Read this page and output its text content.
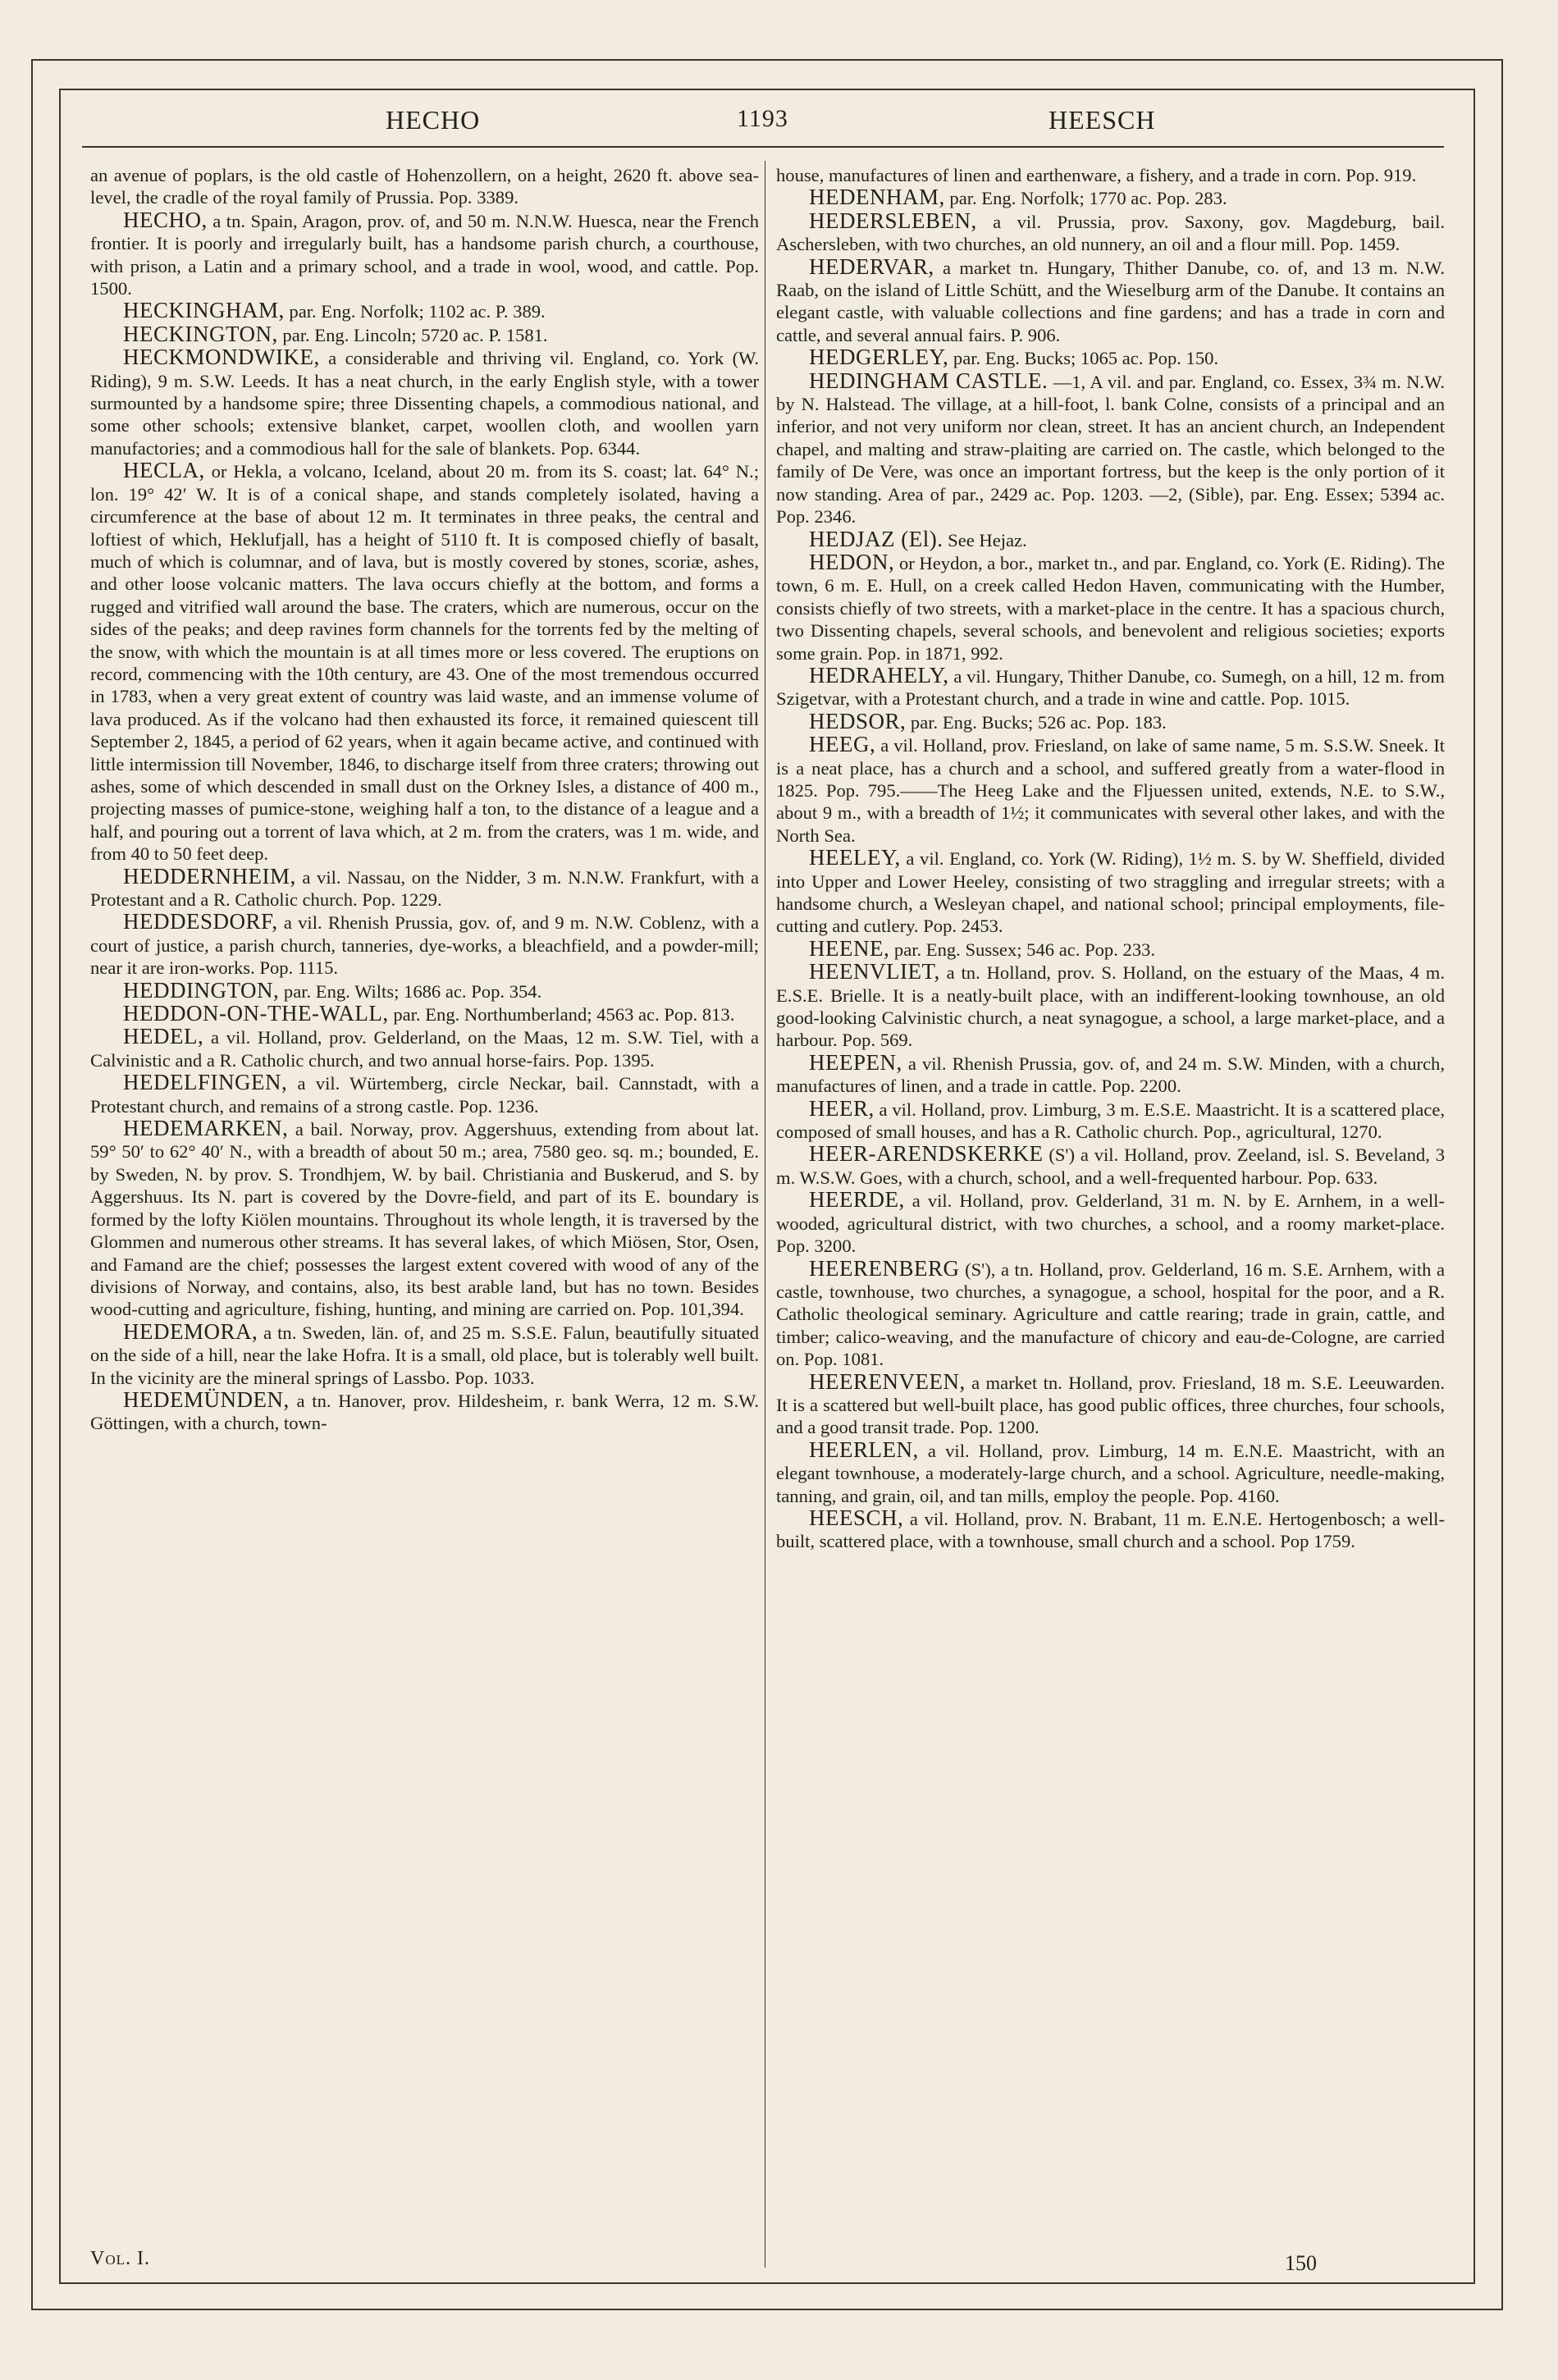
HECHO	1193	HEESCH

an avenue of poplars, is the old castle of Hohenzollern, on a height, 2620 ft. above sea-level, the cradle of the royal family of Prussia. Pop. 3389.

HECHO, a tn. Spain, Aragon, prov. of, and 50 m. N.N.W. Huesca, near the French frontier. It is poorly and irregularly built, has a handsome parish church, a courthouse, with prison, a Latin and a primary school, and a trade in wool, wood, and cattle. Pop. 1500.

HECKINGHAM, par. Eng. Norfolk; 1102 ac. P. 389.

HECKINGTON, par. Eng. Lincoln; 5720 ac. P. 1581.

HECKMONDWIKE, a considerable and thriving vil. England, co. York (W. Riding), 9 m. S.W. Leeds. It has a neat church, in the early English style, with a tower surmounted by a handsome spire; three Dissenting chapels, a commodious national, and some other schools; extensive blanket, carpet, woollen cloth, and woollen yarn manufactories; and a commodious hall for the sale of blankets. Pop. 6344.

HECLA, or Hekla, a volcano, Iceland, about 20 m. from its S. coast; lat. 64° N.; lon. 19° 42′ W. It is of a conical shape, and stands completely isolated, having a circumference at the base of about 12 m. It terminates in three peaks, the central and loftiest of which, Heklufjall, has a height of 5110 ft. It is composed chiefly of basalt, much of which is columnar, and of lava, but is mostly covered by stones, scoriæ, ashes, and other loose volcanic matters. The lava occurs chiefly at the bottom, and forms a rugged and vitrified wall around the base. The craters, which are numerous, occur on the sides of the peaks; and deep ravines form channels for the torrents fed by the melting of the snow, with which the mountain is at all times more or less covered. The eruptions on record, commencing with the 10th century, are 43. One of the most tremendous occurred in 1783, when a very great extent of country was laid waste, and an immense volume of lava produced. As if the volcano had then exhausted its force, it remained quiescent till September 2, 1845, a period of 62 years, when it again became active, and continued with little intermission till November, 1846, to discharge itself from three craters; throwing out ashes, some of which descended in small dust on the Orkney Isles, a distance of 400 m., projecting masses of pumice-stone, weighing half a ton, to the distance of a league and a half, and pouring out a torrent of lava which, at 2 m. from the craters, was 1 m. wide, and from 40 to 50 feet deep.

HEDDERNHEIM, a vil. Nassau, on the Nidder, 3 m. N.N.W. Frankfurt, with a Protestant and a R. Catholic church. Pop. 1229.

HEDDESDORF, a vil. Rhenish Prussia, gov. of, and 9 m. N.W. Coblenz, with a court of justice, a parish church, tanneries, dye-works, a bleachfield, and a powder-mill; near it are iron-works. Pop. 1115.

HEDDINGTON, par. Eng. Wilts; 1686 ac. Pop. 354.

HEDDON-ON-THE-WALL, par. Eng. Northumberland; 4563 ac. Pop. 813.

HEDEL, a vil. Holland, prov. Gelderland, on the Maas, 12 m. S.W. Tiel, with a Calvinistic and a R. Catholic church, and two annual horse-fairs. Pop. 1395.

HEDELFINGEN, a vil. Würtemberg, circle Neckar, bail. Cannstadt, with a Protestant church, and remains of a strong castle. Pop. 1236.

HEDEMARKEN, a bail. Norway, prov. Aggershuus, extending from about lat. 59° 50′ to 62° 40′ N., with a breadth of about 50 m.; area, 7580 geo. sq. m.; bounded, E. by Sweden, N. by prov. S. Trondhjem, W. by bail. Christiania and Buskerud, and S. by Aggershuus. Its N. part is covered by the Dovre-field, and part of its E. boundary is formed by the lofty Kiölen mountains. Throughout its whole length, it is traversed by the Glommen and numerous other streams. It has several lakes, of which Miösen, Stor, Osen, and Famand are the chief; possesses the largest extent covered with wood of any of the divisions of Norway, and contains, also, its best arable land, but has no town. Besides wood-cutting and agriculture, fishing, hunting, and mining are carried on. Pop. 101,394.

HEDEMORA, a tn. Sweden, län. of, and 25 m. S.S.E. Falun, beautifully situated on the side of a hill, near the lake Hofra. It is a small, old place, but is tolerably well built. In the vicinity are the mineral springs of Lassbo. Pop. 1033.

HEDEMÜNDEN, a tn. Hanover, prov. Hildesheim, r. bank Werra, 12 m. S.W. Göttingen, with a church, town-

house, manufactures of linen and earthenware, a fishery, and a trade in corn. Pop. 919.

HEDENHAM, par. Eng. Norfolk; 1770 ac. Pop. 283.

HEDERSLEBEN, a vil. Prussia, prov. Saxony, gov. Magdeburg, bail. Aschersleben, with two churches, an old nunnery, an oil and a flour mill. Pop. 1459.

HEDERVAR, a market tn. Hungary, Thither Danube, co. of, and 13 m. N.W. Raab, on the island of Little Schütt, and the Wieselburg arm of the Danube. It contains an elegant castle, with valuable collections and fine gardens; and has a trade in corn and cattle, and several annual fairs. P. 906.

HEDGERLEY, par. Eng. Bucks; 1065 ac. Pop. 150.

HEDINGHAM CASTLE. —1, A vil. and par. England, co. Essex, 3¾ m. N.W. by N. Halstead. The village, at a hill-foot, l. bank Colne, consists of a principal and an inferior, and not very uniform nor clean, street. It has an ancient church, an Independent chapel, and malting and straw-plaiting are carried on. The castle, which belonged to the family of De Vere, was once an important fortress, but the keep is the only portion of it now standing. Area of par., 2429 ac. Pop. 1203. —2, (Sible), par. Eng. Essex; 5394 ac. Pop. 2346.

HEDJAZ (El). See Hejaz.

HEDON, or Heydon, a bor., market tn., and par. England, co. York (E. Riding). The town, 6 m. E. Hull, on a creek called Hedon Haven, communicating with the Humber, consists chiefly of two streets, with a market-place in the centre. It has a spacious church, two Dissenting chapels, several schools, and benevolent and religious societies; exports some grain. Pop. in 1871, 992.

HEDRAHELY, a vil. Hungary, Thither Danube, co. Sumegh, on a hill, 12 m. from Szigetvar, with a Protestant church, and a trade in wine and cattle. Pop. 1015.

HEDSOR, par. Eng. Bucks; 526 ac. Pop. 183.

HEEG, a vil. Holland, prov. Friesland, on lake of same name, 5 m. S.S.W. Sneek. It is a neat place, has a church and a school, and suffered greatly from a water-flood in 1825. Pop. 795.——The Heeg Lake and the Fljuessen united, extends, N.E. to S.W., about 9 m., with a breadth of 1½; it communicates with several other lakes, and with the North Sea.

HEELEY, a vil. England, co. York (W. Riding), 1½ m. S. by W. Sheffield, divided into Upper and Lower Heeley, consisting of two straggling and irregular streets; with a handsome church, a Wesleyan chapel, and national school; principal employments, file-cutting and cutlery. Pop. 2453.

HEENE, par. Eng. Sussex; 546 ac. Pop. 233.

HEENVLIET, a tn. Holland, prov. S. Holland, on the estuary of the Maas, 4 m. E.S.E. Brielle. It is a neatly-built place, with an indifferent-looking townhouse, an old good-looking Calvinistic church, a neat synagogue, a school, a large market-place, and a harbour. Pop. 569.

HEEPEN, a vil. Rhenish Prussia, gov. of, and 24 m. S.W. Minden, with a church, manufactures of linen, and a trade in cattle. Pop. 2200.

HEER, a vil. Holland, prov. Limburg, 3 m. E.S.E. Maastricht. It is a scattered place, composed of small houses, and has a R. Catholic church. Pop., agricultural, 1270.

HEER-ARENDSKERKE (S') a vil. Holland, prov. Zeeland, isl. S. Beveland, 3 m. W.S.W. Goes, with a church, school, and a well-frequented harbour. Pop. 633.

HEERDE, a vil. Holland, prov. Gelderland, 31 m. N. by E. Arnhem, in a well-wooded, agricultural district, with two churches, a school, and a roomy market-place. Pop. 3200.

HEERENBERG (S'), a tn. Holland, prov. Gelderland, 16 m. S.E. Arnhem, with a castle, townhouse, two churches, a synagogue, a school, hospital for the poor, and a R. Catholic theological seminary. Agriculture and cattle rearing; trade in grain, cattle, and timber; calico-weaving, and the manufacture of chicory and eau-de-Cologne, are carried on. Pop. 1081.

HEERENVEEN, a market tn. Holland, prov. Friesland, 18 m. S.E. Leeuwarden. It is a scattered but well-built place, has good public offices, three churches, four schools, and a good transit trade. Pop. 1200.

HEERLEN, a vil. Holland, prov. Limburg, 14 m. E.N.E. Maastricht, with an elegant townhouse, a moderately-large church, and a school. Agriculture, needle-making, tanning, and grain, oil, and tan mills, employ the people. Pop. 4160.

HEESCH, a vil. Holland, prov. N. Brabant, 11 m. E.N.E. Hertogenbosch; a well-built, scattered place, with a townhouse, small church and a school. Pop 1759.

Vol. I.	150
